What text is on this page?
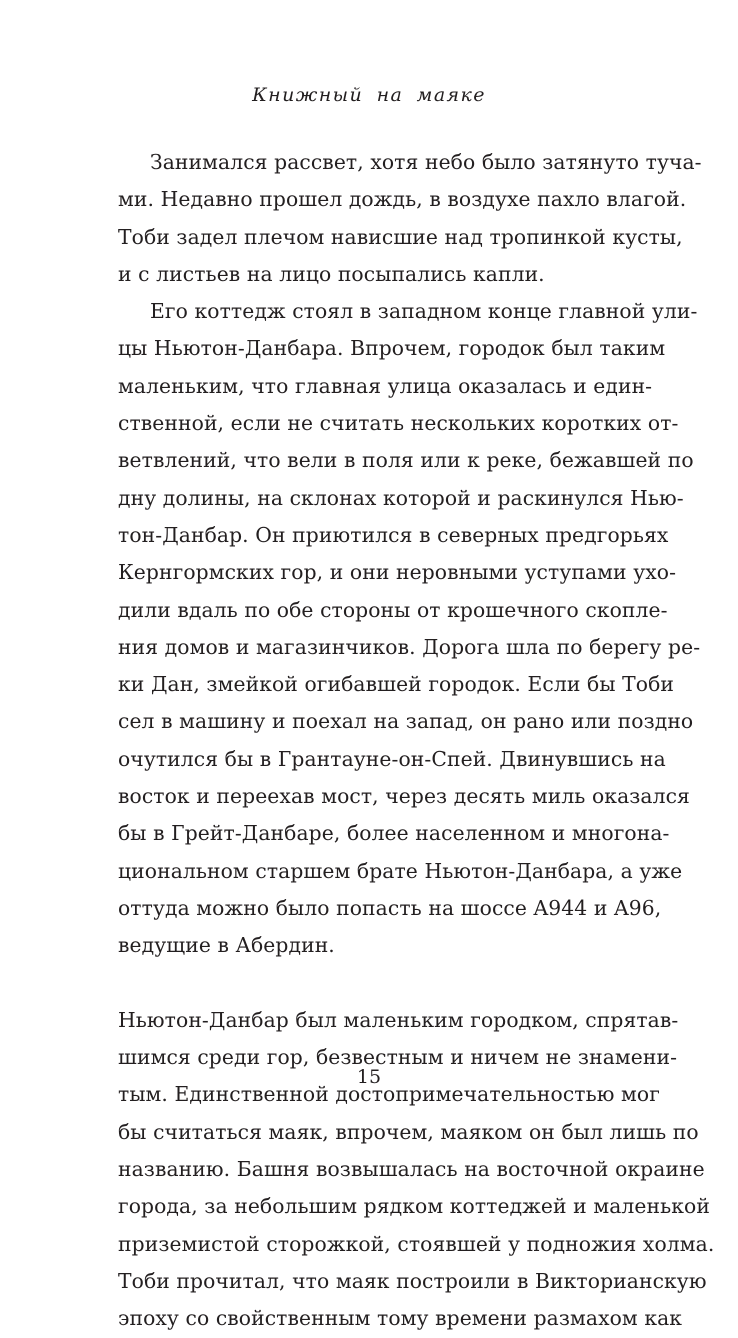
Книжный на маяке
Занимался рассвет, хотя небо было затянуто туча-
ми. Недавно прошел дождь, в воздухе пахло влагой.
Тоби задел плечом нависшие над тропинкой кусты,
и с листьев на лицо посыпались капли.
Его коттедж стоял в западном конце главной ули-
цы Ньютон-Данбара. Впрочем, городок был таким
маленьким, что главная улица оказалась и един-
ственной, если не считать нескольких коротких от-
ветвлений, что вели в поля или к реке, бежавшей по
дну долины, на склонах которой и раскинулся Нью-
тон-Данбар. Он приютился в северных предгорьях
Кернгормских гор, и они неровными уступами ухо-
дили вдаль по обе стороны от крошечного скопле-
ния домов и магазинчиков. Дорога шла по берегу ре-
ки Дан, змейкой огибавшей городок. Если бы Тоби
сел в машину и поехал на запад, он рано или поздно
очутился бы в Грантауне-он-Спей. Двинувшись на
восток и переехав мост, через десять миль оказался
бы в Грейт-Данбаре, более населенном и многона-
циональном старшем брате Ньютон-Данбара, а уже
оттуда можно было попасть на шоссе A944 и A96,
ведущие в Абердин.
Ньютон-Данбар был маленьким городком, спрятав-
шимся среди гор, безвестным и ничем не знамени-
тым. Единственной достопримечательностью мог
бы считаться маяк, впрочем, маяком он был лишь по
названию. Башня возвышалась на восточной окраине
города, за небольшим рядком коттеджей и маленькой
приземистой сторожкой, стоявшей у подножия холма.
Тоби прочитал, что маяк построили в Викторианскую
эпоху со свойственным тому времени размахом как
15
